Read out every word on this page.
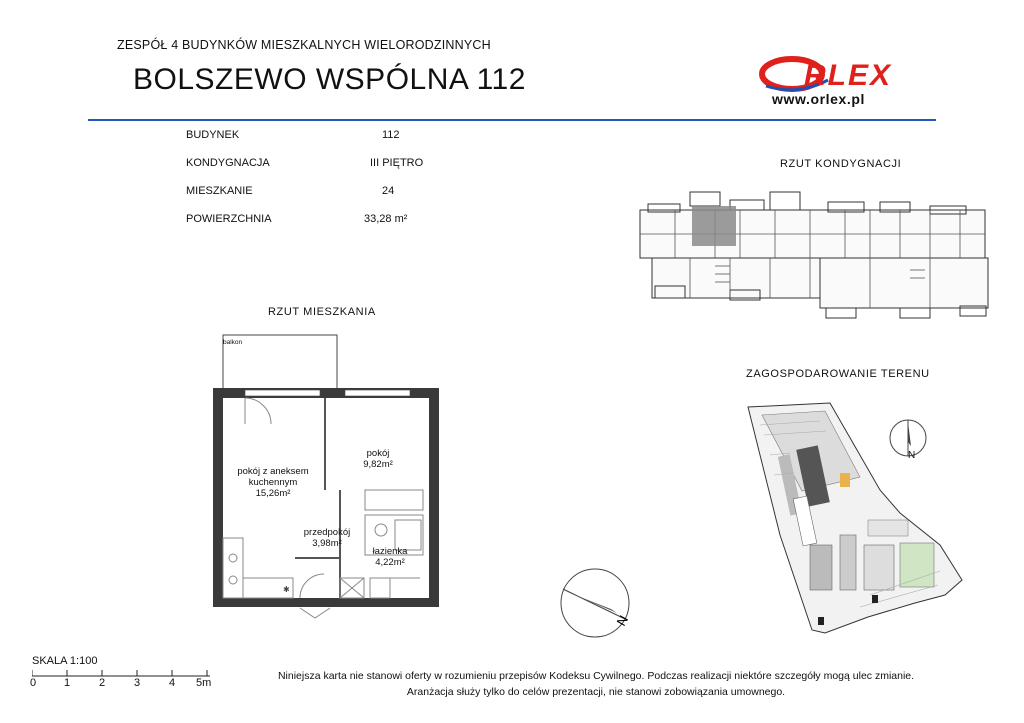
ZESPÓŁ 4 BUDYNKÓW MIESZKALNYCH WIELORODZINNYCH
BOLSZEWO WSPÓLNA 112	RLEX
www.orlex.pl
BUDYNEK	112
KONDYGNACJA	III PIĘTRO
MIESZKANIE	24
POWIERZCHNIA	33,28 m²
RZUT KONDYGNACJI
RZUT MIESZKANIA
ZAGOSPODAROWANIE TERENU
✱
balkon
pokój z aneksem
kuchennym
15,26m²
pokój
9,82m²
przedpokój
3,98m²
łazienka
4,22m²
N
N
SKALA 1:100
0	1	2	3	4 5m
Niniejsza karta nie stanowi oferty w rozumieniu przepisów Kodeksu Cywilnego. Podczas realizacji niektóre szczegóły mogą ulec zmianie.
Aranżacja służy tylko do celów prezentacji, nie stanowi zobowiązania umownego.
